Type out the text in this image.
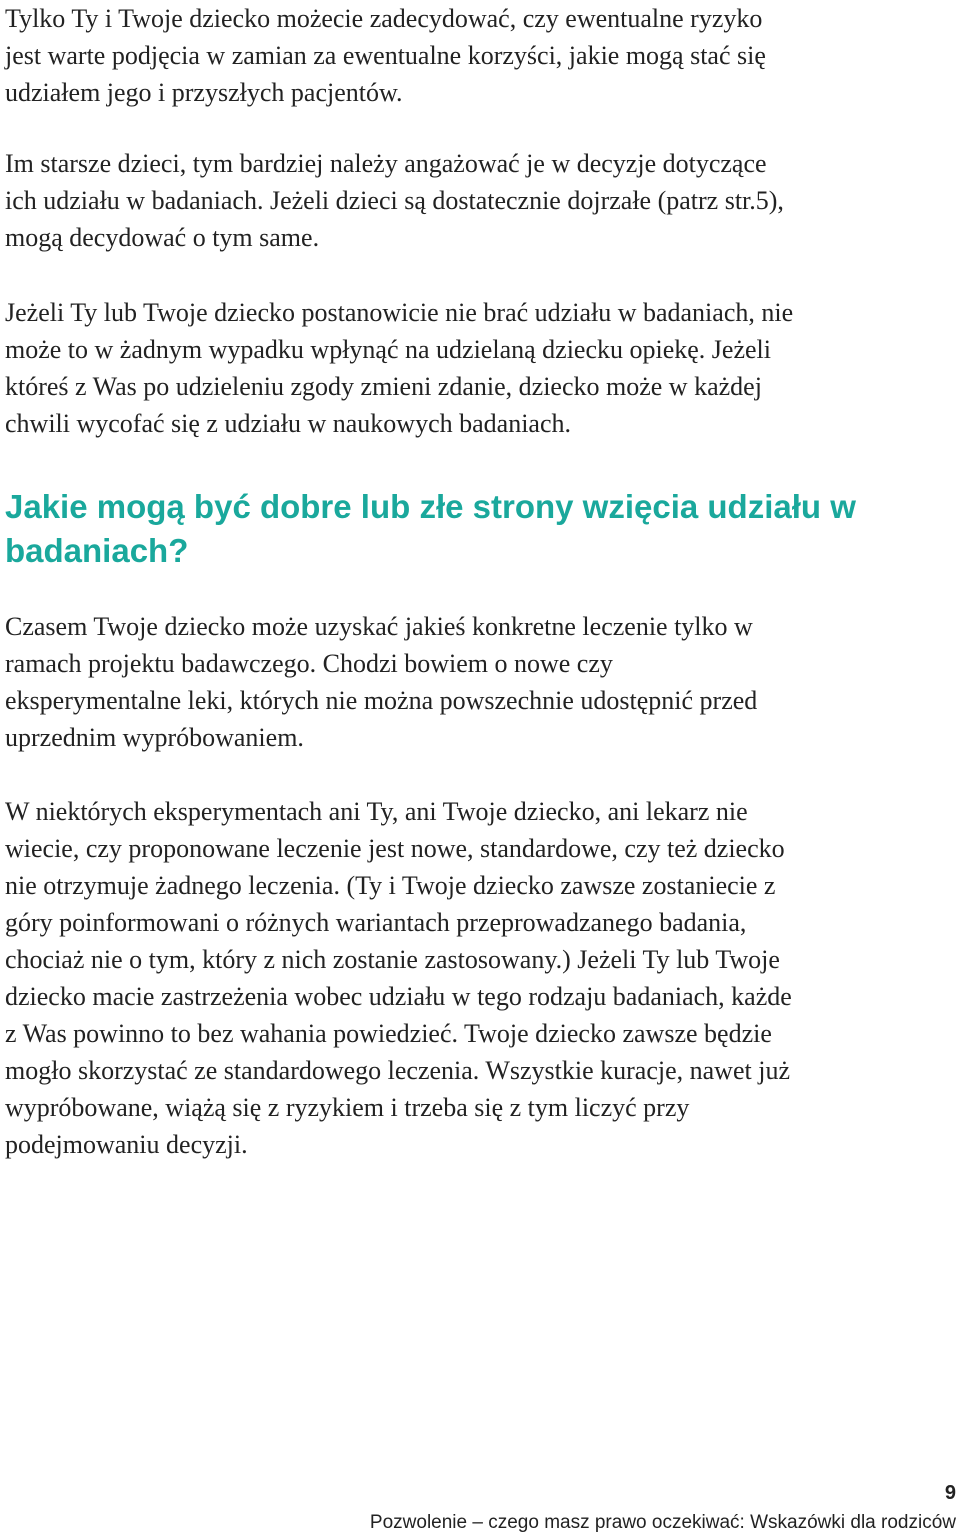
Tylko Ty i Twoje dziecko możecie zadecydować, czy ewentualne ryzyko
jest warte podjęcia w zamian za ewentualne korzyści, jakie mogą stać się
udziałem jego i przyszłych pacjentów.

Im starsze dzieci, tym bardziej należy angażować je w decyzje dotyczące
ich udziału w badaniach. Jeżeli dzieci są dostatecznie dojrzałe (patrz str.5),
mogą decydować o tym same.

Jeżeli Ty lub Twoje dziecko postanowicie nie brać udziału w badaniach, nie
może to w żadnym wypadku wpłynąć na udzielaną dziecku opiekę. Jeżeli
któreś z Was po udzieleniu zgody zmieni zdanie, dziecko może w każdej
chwili wycofać się z udziału w naukowych badaniach.

Jakie mogą być dobre lub złe strony wzięcia udziału w
badaniach?

Czasem Twoje dziecko może uzyskać jakieś konkretne leczenie tylko w
ramach projektu badawczego. Chodzi bowiem o nowe czy
eksperymentalne leki, których nie można powszechnie udostępnić przed
uprzednim wypróbowaniem.

W niektórych eksperymentach ani Ty, ani Twoje dziecko, ani lekarz nie
wiecie, czy proponowane leczenie jest nowe, standardowe, czy też dziecko
nie otrzymuje żadnego leczenia. (Ty i Twoje dziecko zawsze zostaniecie z
góry poinformowani o różnych wariantach przeprowadzanego badania,
chociaż nie o tym, który z nich zostanie zastosowany.) Jeżeli Ty lub Twoje
dziecko macie zastrzeżenia wobec udziału w tego rodzaju badaniach, każde
z Was powinno to bez wahania powiedzieć. Twoje dziecko zawsze będzie
mogło skorzystać ze standardowego leczenia. Wszystkie kuracje, nawet już
wypróbowane, wiążą się z ryzykiem i trzeba się z tym liczyć przy
podejmowaniu decyzji.

9
Pozwolenie – czego masz prawo oczekiwać: Wskazówki dla rodziców
